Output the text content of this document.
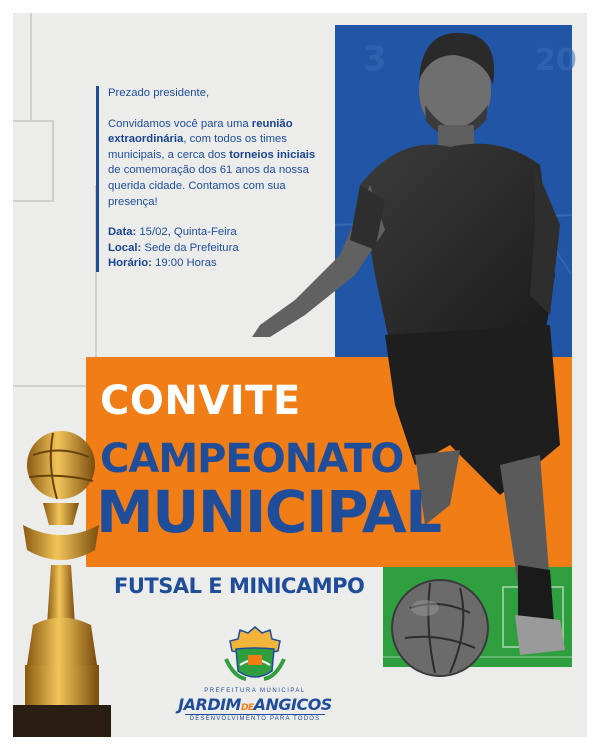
3	20

Prezado presidente,

Convidamos você para uma reunião extraordinária, com todos os times municipais, a cerca dos torneios iniciais de comemoração dos 61 anos da nossa querida cidade. Contamos com sua presença!

Data: 15/02, Quinta-Feira

Local: Sede da Prefeitura

Horário: 19:00 Horas

CONVITE
CAMPEONATO
MUNICIPAL
FUTSAL E MINICAMPO
PREFEITURA MUNICIPAL
JARDIMDEANGICOS
DESENVOLVIMENTO PARA TODOS
